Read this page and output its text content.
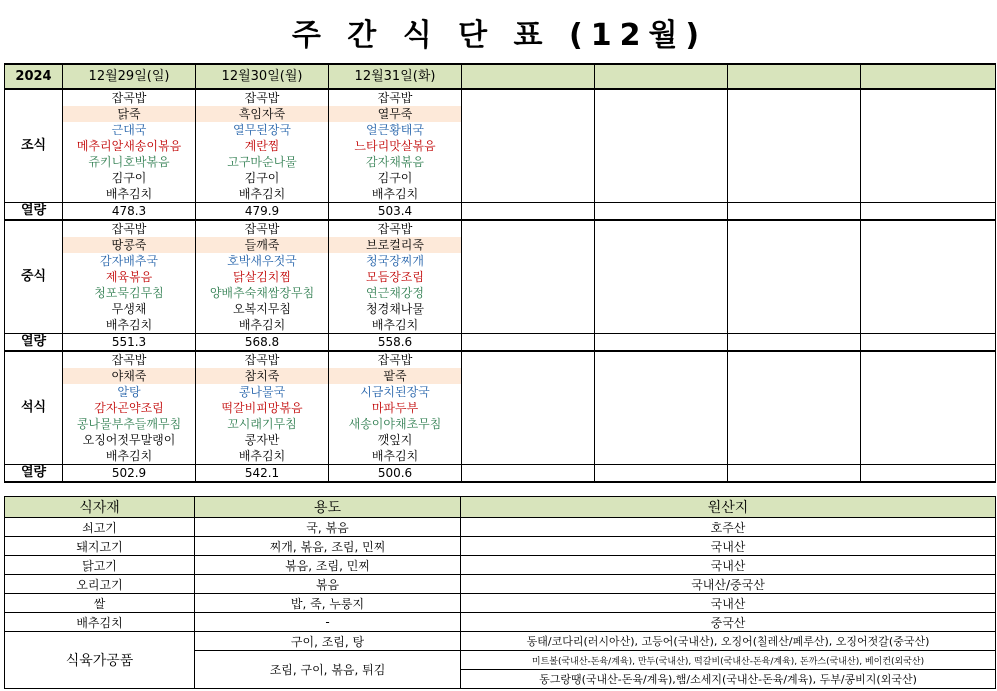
주 간 식 단 표 (12월)
2024	12월29일(일)	12월30일(월)	12월31일(화)				
조식	잡곡밥	잡곡밥	잡곡밥				
	닭죽	흑임자죽	열무죽				
	근대국	열무된장국	얼큰황태국				
	메추리알새송이볶음	계란찜	느타리맛살볶음				
	쥬키니호박볶음	고구마순나물	감자채볶음				
	김구이	김구이	김구이				
	배추김치	배추김치	배추김치				
열량	478.3	479.9	503.4				
중식	잡곡밥	잡곡밥	잡곡밥				
	땅콩죽	들깨죽	브로컬리죽				
	감자배추국	호박새우젓국	청국장찌개				
	제육볶음	닭살김치찜	모듬장조림				
	청포묵김무침	양배추숙채쌈장무침	연근채강정				
	무생채	오복지무침	청경채나물				
	배추김치	배추김치	배추김치				
열량	551.3	568.8	558.6				
석식	잡곡밥	잡곡밥	잡곡밥				
	야채죽	참치죽	팥죽				
	알탕	콩나물국	시금치된장국				
	감자곤약조림	떡갈비피망볶음	마파두부				
	콩나물부추들깨무침	꼬시래기무침	새송이야채초무침				
	오징어젓무말랭이	콩자반	깻잎지				
	배추김치	배추김치	배추김치				
열량	502.9	542.1	500.6				
식자재	용도	원산지
쇠고기	국, 볶음	호주산
돼지고기	찌개, 볶음, 조림, 민찌	국내산
닭고기	볶음, 조림, 민찌	국내산
오리고기	볶음	국내산/중국산
쌀	밥, 죽, 누룽지	국내산
배추김치	-	중국산
식육가공품	구이, 조림, 탕	동태/코다리(러시아산), 고등어(국내산), 오징어(칠레산/페루산), 오징어젓갈(중국산)
	조림, 구이, 볶음, 튀김	미트볼(국내산-돈육/계육), 만두(국내산), 떡갈비(국내산-돈육/계육), 돈까스(국내산), 베이컨(외국산)
		동그랑땡(국내산-돈육/계육),햄/소세지(국내산-돈육/계육), 두부/콩비지(외국산)
